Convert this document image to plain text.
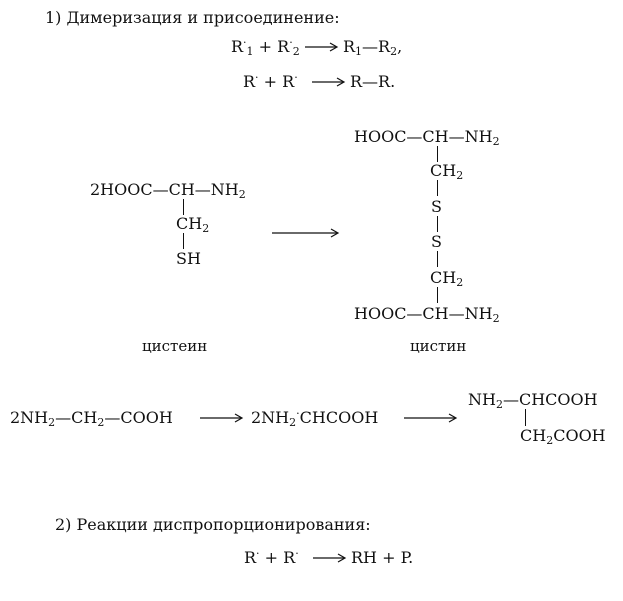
1) Димеризация и присоединение:
$R^\cdot_1 + R^\cdot_2$	$R_1—R_2$,
R· + R·	R—R.
$2HOOC—CH—NH_2$
$CH_2$
SH
цистеин
$HOOC—CH—NH_2$
$CH_2$
S
S
$CH_2$
$HOOC—CH—NH_2$
цистин
$2NH_2—CH_2—COOH$	$2NH_2^\cdot CHCOOH$
$NH_2—CHCOOH$
$CH_2COOH$
2) Реакции диспропорционирования:
R· + R·	RH + P.
